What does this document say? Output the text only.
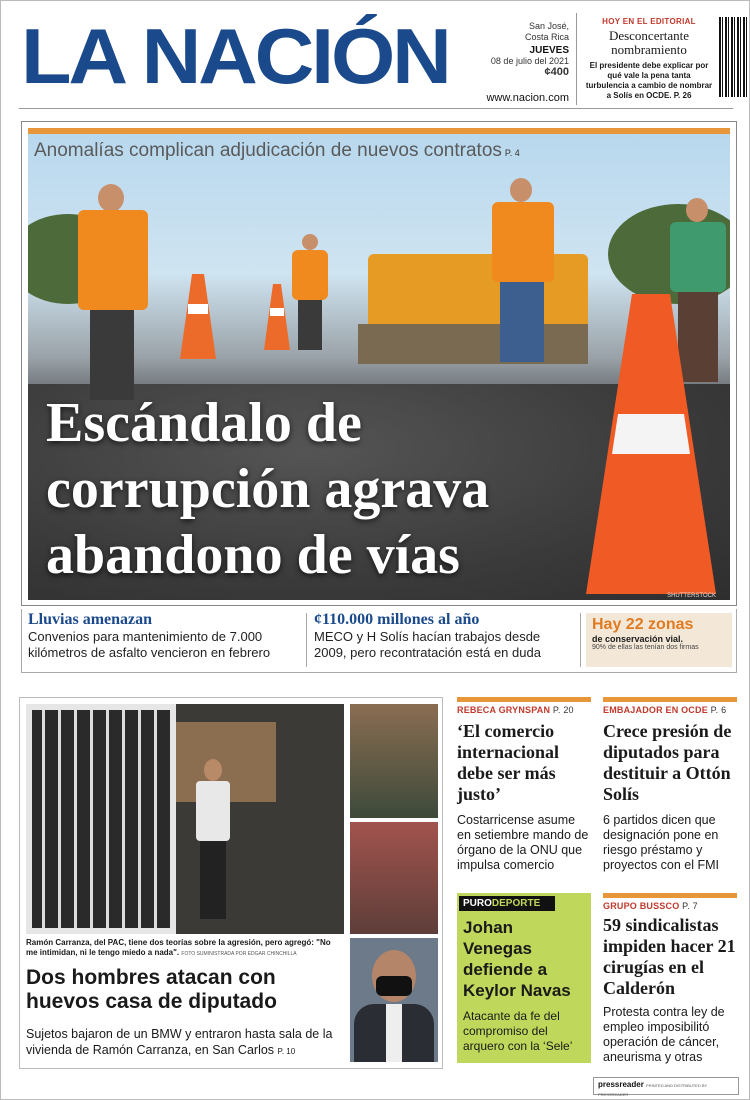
LA NACIÓN	San José,
Costa Rica
JUEVES
08 de julio del 2021
¢400
www.nacion.com
HOY EN EL EDITORIAL
Desconcertante nombramiento
El presidente debe explicar por qué vale la pena tanta turbulencia a cambio de nombrar a Solís en OCDE. P. 26
Anomalías complican adjudicación de nuevos contratos P. 4
Escándalo de corrupción agrava abandono de vías
SHUTTERSTOCK
Lluvias amenazan
Convenios para mantenimiento de 7.000 kilómetros de asfalto vencieron en febrero
¢110.000 millones al año
MECO y H Solís hacían trabajos desde 2009, pero recontratación está en duda
Hay 22 zonas
de conservación vial.
90% de ellas las tenían dos firmas
Ramón Carranza, del PAC, tiene dos teorías sobre la agresión, pero agregó: "No me intimidan, ni le tengo miedo a nada". FOTO SUMINISTRADA POR EDGAR CHINCHILLA
Dos hombres atacan con huevos casa de diputado
Sujetos bajaron de un BMW y entraron hasta sala de la vivienda de Ramón Carranza, en San Carlos P. 10
REBECA GRYNSPAN P. 20
‘El comercio internacional debe ser más justo’
Costarricense asume en setiembre mando de órgano de la ONU que impulsa comercio
EMBAJADOR EN OCDE P. 6
Crece presión de diputados para destituir a Ottón Solís
6 partidos dicen que designación pone en riesgo préstamo y proyectos con el FMI
PURODEPORTE
Johan Venegas defiende a Keylor Navas
Atacante da fe del compromiso del arquero con la ‘Sele’
GRUPO BUSSCO P. 7
59 sindicalistas impiden hacer 21 cirugías en el Calderón
Protesta contra ley de empleo imposibilitó operación de cáncer, aneurisma y otras
pressreader PRINTED AND DISTRIBUTED BY PRESSREADER
